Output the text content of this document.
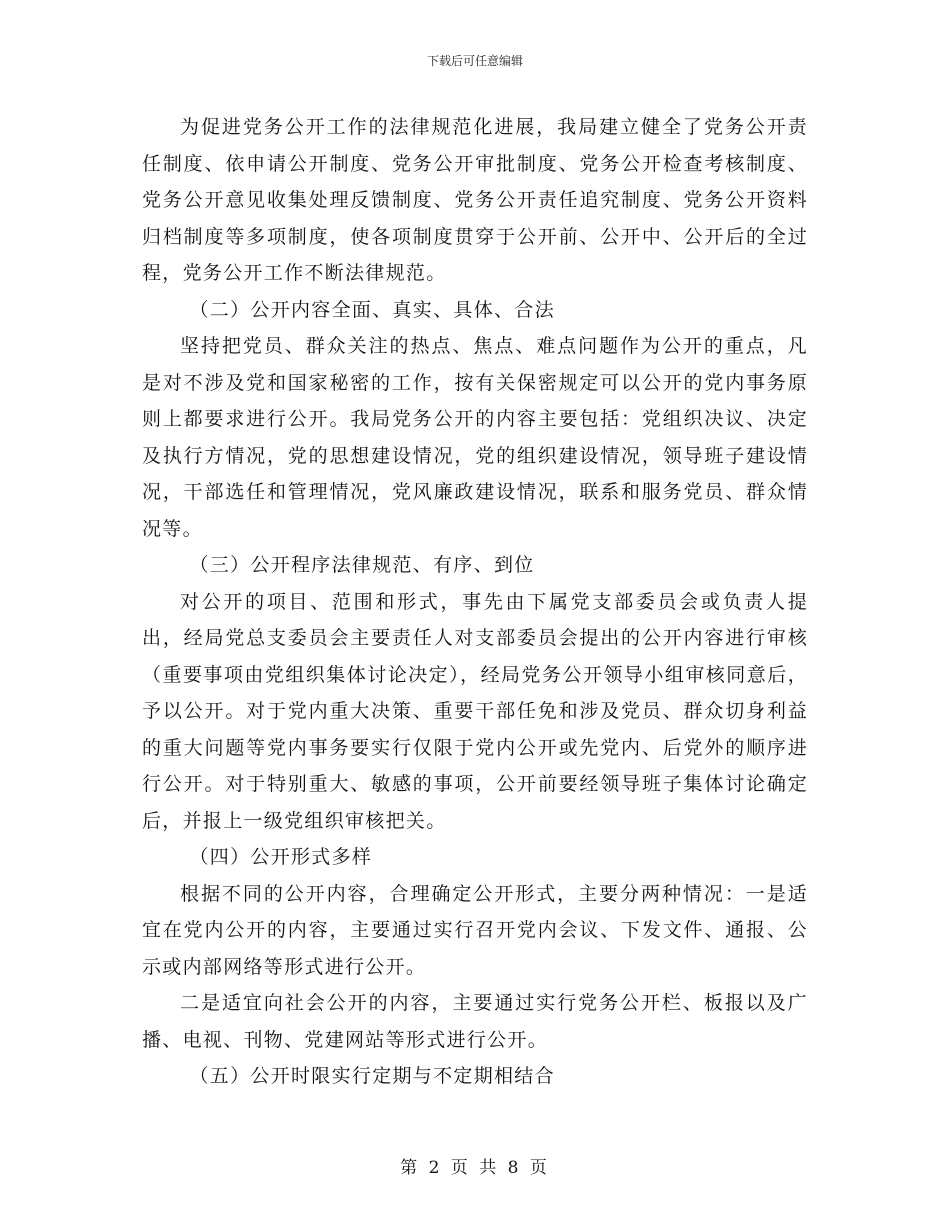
下载后可任意编辑

为促进党务公开工作的法律规范化进展，我局建立健全了党务公开责任制度、依申请公开制度、党务公开审批制度、党务公开检查考核制度、党务公开意见收集处理反馈制度、党务公开责任追究制度、党务公开资料归档制度等多项制度，使各项制度贯穿于公开前、公开中、公开后的全过程，党务公开工作不断法律规范。

（二）公开内容全面、真实、具体、合法

坚持把党员、群众关注的热点、焦点、难点问题作为公开的重点，凡是对不涉及党和国家秘密的工作，按有关保密规定可以公开的党内事务原则上都要求进行公开。我局党务公开的内容主要包括：党组织决议、决定及执行方情况，党的思想建设情况，党的组织建设情况，领导班子建设情况，干部选任和管理情况，党风廉政建设情况，联系和服务党员、群众情况等。

（三）公开程序法律规范、有序、到位

对公开的项目、范围和形式，事先由下属党支部委员会或负责人提出，经局党总支委员会主要责任人对支部委员会提出的公开内容进行审核（重要事项由党组织集体讨论决定），经局党务公开领导小组审核同意后，予以公开。对于党内重大决策、重要干部任免和涉及党员、群众切身利益的重大问题等党内事务要实行仅限于党内公开或先党内、后党外的顺序进行公开。对于特别重大、敏感的事项，公开前要经领导班子集体讨论确定后，并报上一级党组织审核把关。

（四）公开形式多样

根据不同的公开内容，合理确定公开形式，主要分两种情况：一是适宜在党内公开的内容，主要通过实行召开党内会议、下发文件、通报、公示或内部网络等形式进行公开。

二是适宜向社会公开的内容，主要通过实行党务公开栏、板报以及广播、电视、刊物、党建网站等形式进行公开。

（五）公开时限实行定期与不定期相结合

第 2 页 共 8 页
